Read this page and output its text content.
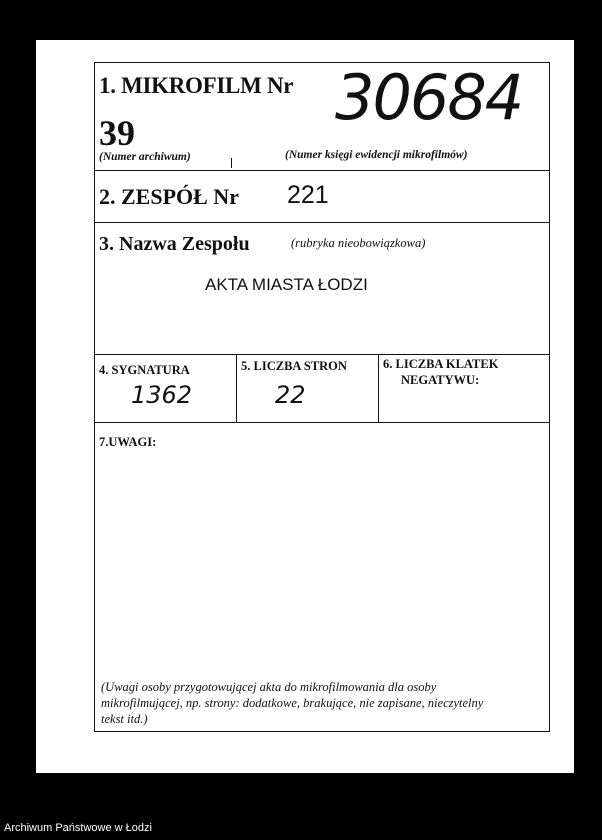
1. MIKROFILM Nr 30684
39
(Numer archiwum)	(Numer księgi ewidencji mikrofilmów)
2. ZESPÓŁ Nr 221
3. Nazwa Zespołu	(rubryka nieobowiązkowa)
AKTA MIASTA ŁODZI
4. SYGNATURA
1362
5. LICZBA STRON
22
6. LICZBA KLATEK
NEGATYWU:
7.UWAGI:
(Uwagi osoby przygotowującej akta do mikrofilmowania dla osoby mikrofilmującej, np. strony: dodatkowe, brakujące, nie zapisane, nieczytelny tekst itd.)
Archiwum Państwowe w Łodzi
